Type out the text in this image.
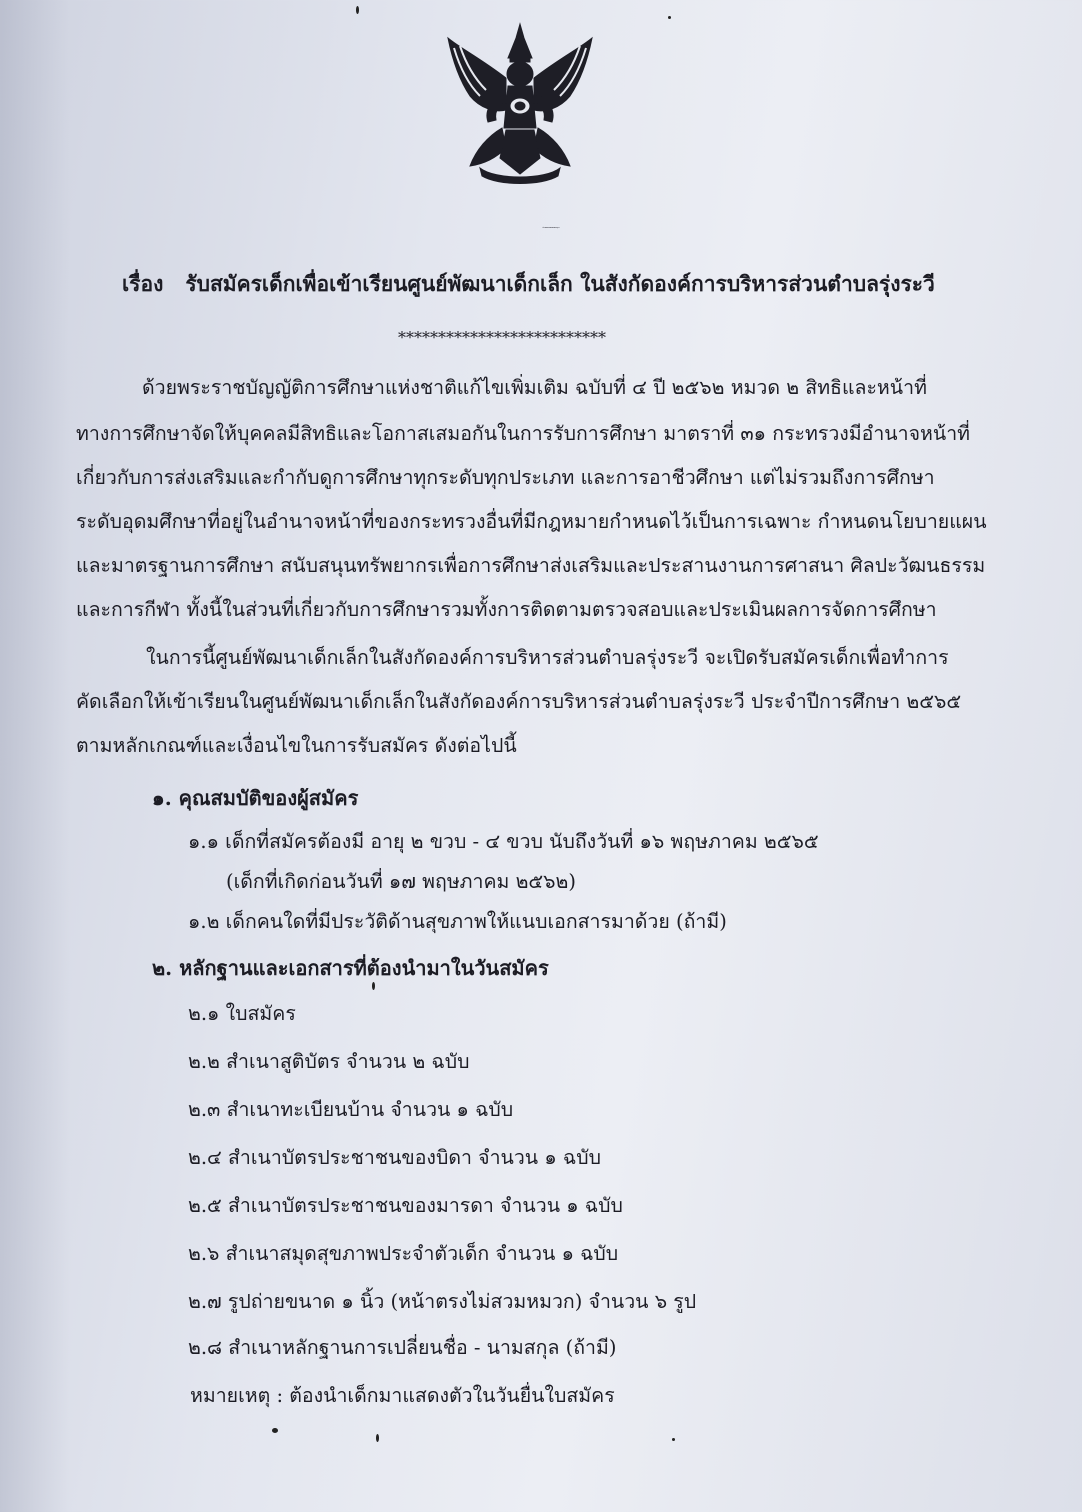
ประกาศองค์การบริหารส่วนตำบลรุ่งระวี
เรื่อง รับสมัครเด็กเพื่อเข้าเรียนศูนย์พัฒนาเด็กเล็ก ในสังกัดองค์การบริหารส่วนตำบลรุ่งระวี
**************************
ด้วยพระราชบัญญัติการศึกษาแห่งชาติแก้ไขเพิ่มเติม ฉบับที่ ๔ ปี ๒๕๖๒ หมวด ๒ สิทธิและหน้าที่
ทางการศึกษาจัดให้บุคคลมีสิทธิและโอกาสเสมอกันในการรับการศึกษา มาตราที่ ๓๑ กระทรวงมีอำนาจหน้าที่
เกี่ยวกับการส่งเสริมและกำกับดูการศึกษาทุกระดับทุกประเภท และการอาชีวศึกษา แต่ไม่รวมถึงการศึกษา
ระดับอุดมศึกษาที่อยู่ในอำนาจหน้าที่ของกระทรวงอื่นที่มีกฎหมายกำหนดไว้เป็นการเฉพาะ กำหนดนโยบายแผน
และมาตรฐานการศึกษา สนับสนุนทรัพยากรเพื่อการศึกษาส่งเสริมและประสานงานการศาสนา ศิลปะวัฒนธรรม
และการกีฬา ทั้งนี้ในส่วนที่เกี่ยวกับการศึกษารวมทั้งการติดตามตรวจสอบและประเมินผลการจัดการศึกษา
ในการนี้ศูนย์พัฒนาเด็กเล็กในสังกัดองค์การบริหารส่วนตำบลรุ่งระวี จะเปิดรับสมัครเด็กเพื่อทำการ
คัดเลือกให้เข้าเรียนในศูนย์พัฒนาเด็กเล็กในสังกัดองค์การบริหารส่วนตำบลรุ่งระวี ประจำปีการศึกษา ๒๕๖๕
ตามหลักเกณฑ์และเงื่อนไขในการรับสมัคร ดังต่อไปนี้
๑. คุณสมบัติของผู้สมัคร
๑.๑ เด็กที่สมัครต้องมี อายุ ๒ ขวบ - ๔ ขวบ นับถึงวันที่ ๑๖ พฤษภาคม ๒๕๖๕
(เด็กที่เกิดก่อนวันที่ ๑๗ พฤษภาคม ๒๕๖๒)
๑.๒ เด็กคนใดที่มีประวัติด้านสุขภาพให้แนบเอกสารมาด้วย (ถ้ามี)
๒. หลักฐานและเอกสารที่ต้องนำมาในวันสมัคร
๒.๑ ใบสมัคร
๒.๒ สำเนาสูติบัตร จำนวน ๒ ฉบับ
๒.๓ สำเนาทะเบียนบ้าน จำนวน ๑ ฉบับ
๒.๔ สำเนาบัตรประชาชนของบิดา จำนวน ๑ ฉบับ
๒.๕ สำเนาบัตรประชาชนของมารดา จำนวน ๑ ฉบับ
๒.๖ สำเนาสมุดสุขภาพประจำตัวเด็ก จำนวน ๑ ฉบับ
๒.๗ รูปถ่ายขนาด ๑ นิ้ว (หน้าตรงไม่สวมหมวก) จำนวน ๖ รูป
๒.๘ สำเนาหลักฐานการเปลี่ยนชื่อ - นามสกุล (ถ้ามี)
หมายเหตุ : ต้องนำเด็กมาแสดงตัวในวันยื่นใบสมัคร
